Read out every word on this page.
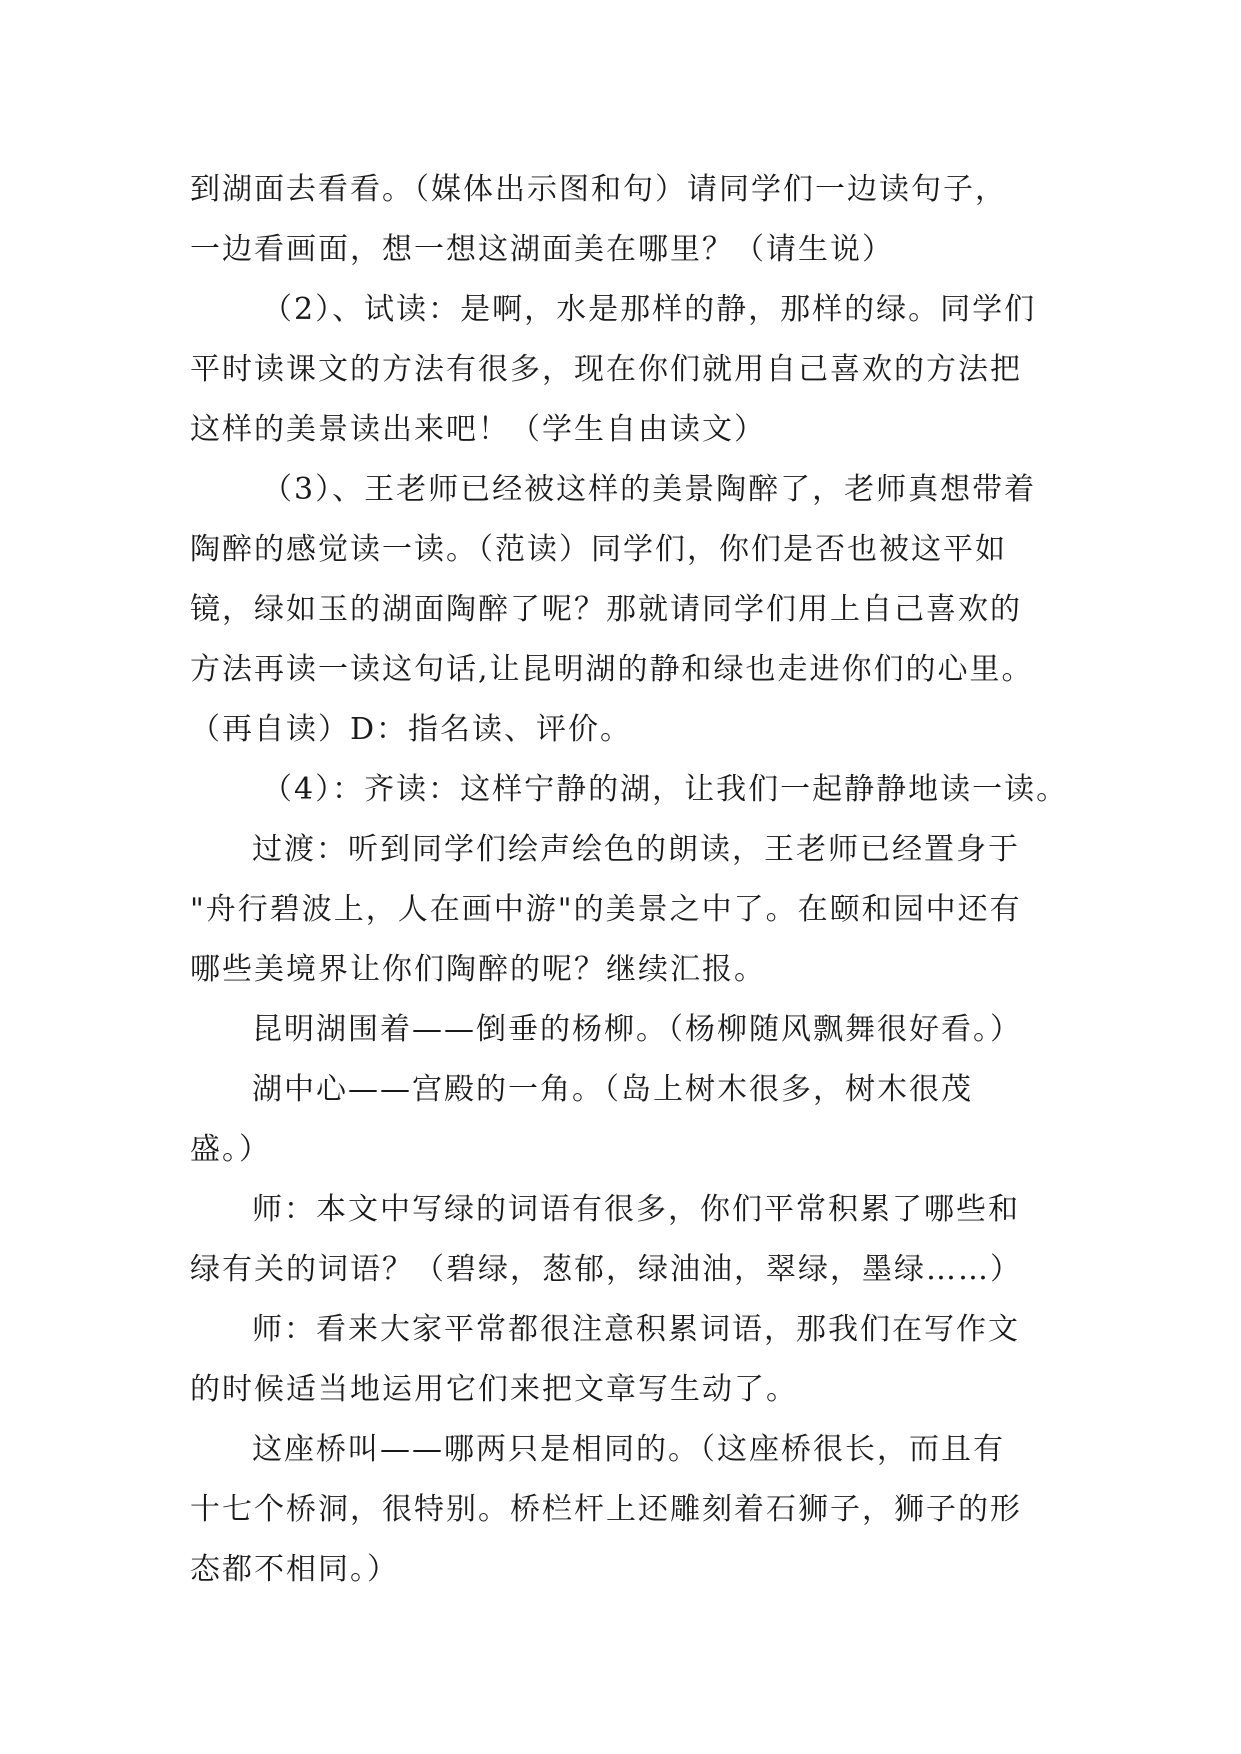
到湖面去看看。（媒体出示图和句）请同学们一边读句子，
一边看画面，想一想这湖面美在哪里？（请生说）
（2）、试读：是啊，水是那样的静，那样的绿。同学们
平时读课文的方法有很多，现在你们就用自己喜欢的方法把
这样的美景读出来吧！（学生自由读文）
（3）、王老师已经被这样的美景陶醉了，老师真想带着
陶醉的感觉读一读。（范读）同学们，你们是否也被这平如
镜，绿如玉的湖面陶醉了呢？那就请同学们用上自己喜欢的
方法再读一读这句话,让昆明湖的静和绿也走进你们的心里。
（再自读）D：指名读、评价。
（4）：齐读：这样宁静的湖，让我们一起静静地读一读。
过渡：听到同学们绘声绘色的朗读，王老师已经置身于
"舟行碧波上，人在画中游"的美景之中了。在颐和园中还有
哪些美境界让你们陶醉的呢？继续汇报。
昆明湖围着——倒垂的杨柳。（杨柳随风飘舞很好看。）
湖中心——宫殿的一角。（岛上树木很多，树木很茂
盛。）
师：本文中写绿的词语有很多，你们平常积累了哪些和
绿有关的词语？（碧绿，葱郁，绿油油，翠绿，墨绿……）
师：看来大家平常都很注意积累词语，那我们在写作文
的时候适当地运用它们来把文章写生动了。
这座桥叫——哪两只是相同的。（这座桥很长，而且有
十七个桥洞，很特别。桥栏杆上还雕刻着石狮子，狮子的形
态都不相同。）
